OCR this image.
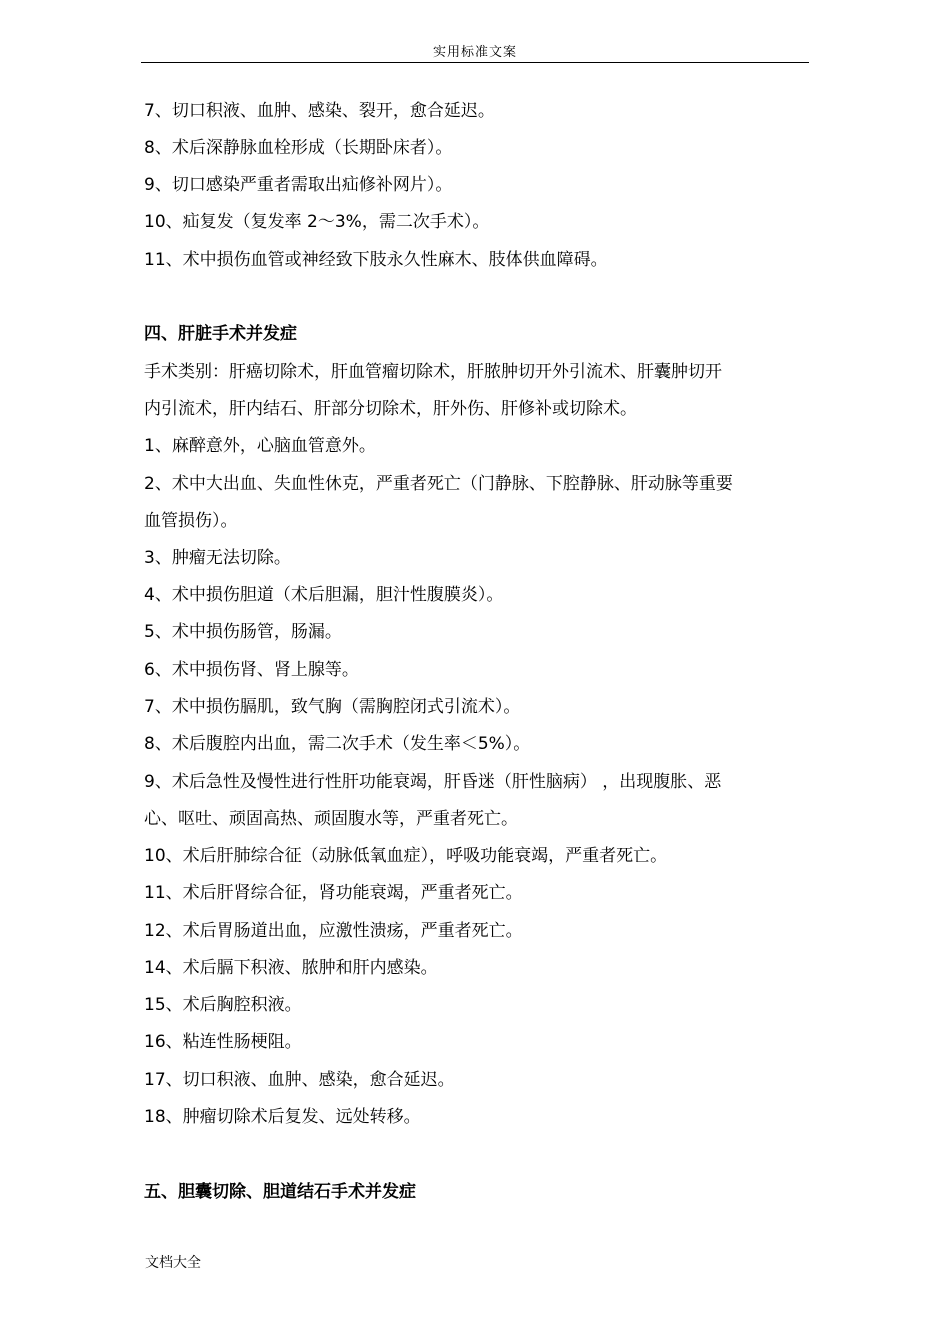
实用标准文案
7、切口积液、血肿、感染、裂开，愈合延迟。
8、术后深静脉血栓形成（长期卧床者）。
9、切口感染严重者需取出疝修补网片）。
10、疝复发（复发率 2～3%，需二次手术）。
11、术中损伤血管或神经致下肢永久性麻木、肢体供血障碍。
四、肝脏手术并发症
手术类别：肝癌切除术，肝血管瘤切除术，肝脓肿切开外引流术、肝囊肿切开
内引流术，肝内结石、肝部分切除术，肝外伤、肝修补或切除术。
1、麻醉意外，心脑血管意外。
2、术中大出血、失血性休克，严重者死亡（门静脉、下腔静脉、肝动脉等重要
血管损伤）。
3、肿瘤无法切除。
4、术中损伤胆道（术后胆漏，胆汁性腹膜炎）。
5、术中损伤肠管，肠漏。
6、术中损伤肾、肾上腺等。
7、术中损伤膈肌，致气胸（需胸腔闭式引流术）。
8、术后腹腔内出血，需二次手术（发生率＜5%）。
9、术后急性及慢性进行性肝功能衰竭，肝昏迷（肝性脑病） ，出现腹胀、恶
心、呕吐、顽固高热、顽固腹水等，严重者死亡。
10、术后肝肺综合征（动脉低氧血症），呼吸功能衰竭，严重者死亡。
11、术后肝肾综合征，肾功能衰竭，严重者死亡。
12、术后胃肠道出血，应激性溃疡，严重者死亡。
14、术后膈下积液、脓肿和肝内感染。
15、术后胸腔积液。
16、粘连性肠梗阻。
17、切口积液、血肿、感染，愈合延迟。
18、肿瘤切除术后复发、远处转移。
五、胆囊切除、胆道结石手术并发症
文档大全
